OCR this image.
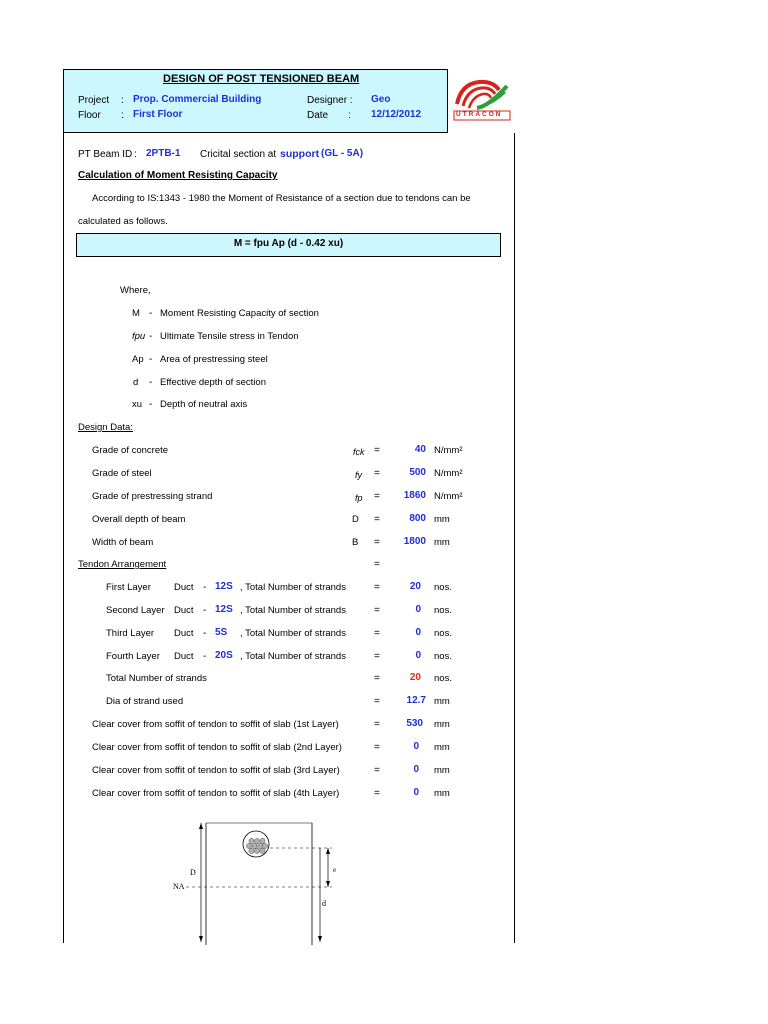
DESIGN OF POST TENSIONED BEAM
Project : Prop. Commercial Building
Floor : First Floor
Designer : Geo
Date : 12/12/2012	UTRACON
PT Beam ID : 2PTB-1 Cricital section at support (GL - 5A)
Calculation of Moment Resisting Capacity
According to IS:1343 - 1980 the Moment of Resistance of a section due to tendons can be
calculated as follows.
M = fpu Ap (d - 0.42 xu)
Where,
M - Moment Resisting Capacity of section
fpu - Ultimate Tensile stress in Tendon
Ap - Area of prestressing steel
d - Effective depth of section
xu - Depth of neutral axis
Design Data:
Grade of concrete	fck =	40 N/mm²
Grade of steel	fy =	500 N/mm²
Grade of prestressing strand	fp =	1860 N/mm²
Overall depth of beam	D =	800 mm
Width of beam	B =	1800 mm
Tendon Arrangement	=
First Layer Duct - 12S , Total Number of strands	=	20 nos.
Second Layer Duct - 12S , Total Number of strands	=	0 nos.
Third Layer Duct - 5S , Total Number of strands	=	0 nos.
Fourth Layer Duct - 20S , Total Number of strands	=	0 nos.
Total Number of strands	=	20 nos.
Dia of strand used	=	12.7 mm
Clear cover from soffit of tendon to soffit of slab (1st Layer)	=	530 mm
Clear cover from soffit of tendon to soffit of slab (2nd Layer)	=	0 mm
Clear cover from soffit of tendon to soffit of slab (3rd Layer)	=	0 mm
Clear cover from soffit of tendon to soffit of slab (4th Layer)	=	0 mm
D
NA
e
d
